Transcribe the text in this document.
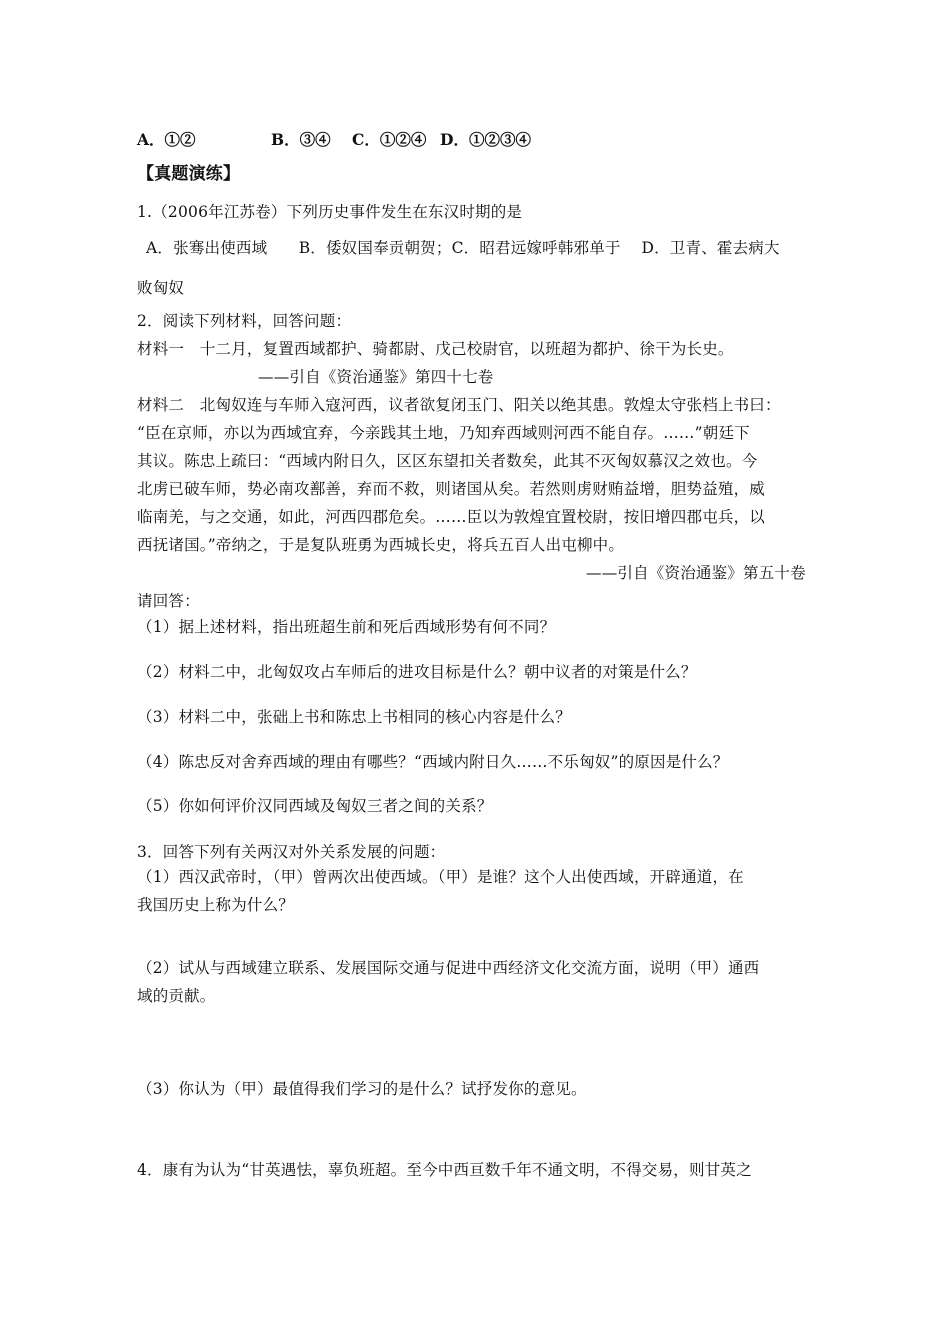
A．①②	B．③④ C．①②④ D．①②③④
【真题演练】
1.（2006年江苏卷）下列历史事件发生在东汉时期的是
A．张骞出使西域　　B．倭奴国奉贡朝贺；C．昭君远嫁呼韩邪单于　 D．卫青、霍去病大
败匈奴
2．阅读下列材料，回答问题：
材料一　十二月，复置西域都护、骑都尉、戊己校尉官，以班超为都护、徐干为长史。
——引自《资治通鉴》第四十七卷
材料二　北匈奴连与车师入寇河西，议者欲复闭玉门、阳关以绝其患。敦煌太守张档上书曰：
“臣在京师，亦以为西域宜弃，今亲践其土地，乃知弃西域则河西不能自存。……”朝廷下
其议。陈忠上疏曰：“西域内附日久，区区东望扣关者数矣，此其不灭匈奴慕汉之效也。今
北虏已破车师，势必南攻鄯善，弃而不救，则诸国从矣。若然则虏财贿益增，胆势益殖，威
临南羌，与之交通，如此，河西四郡危矣。……臣以为敦煌宜置校尉，按旧增四郡屯兵，以
西抚诸国。”帝纳之，于是复队班勇为西城长史，将兵五百人出屯柳中。
——引自《资治通鉴》第五十卷
请回答：
（1）据上述材料，指出班超生前和死后西域形势有何不同？
（2）材料二中，北匈奴攻占车师后的进攻目标是什么？朝中议者的对策是什么？
（3）材料二中，张础上书和陈忠上书相同的核心内容是什么？
（4）陈忠反对舍弃西域的理由有哪些？“西域内附日久……不乐匈奴”的原因是什么？
（5）你如何评价汉同西域及匈奴三者之间的关系？
3．回答下列有关两汉对外关系发展的问题：
（1）西汉武帝时，（甲）曾两次出使西域。（甲）是谁？这个人出使西域，开辟通道，在
我国历史上称为什么？
（2）试从与西域建立联系、发展国际交通与促进中西经济文化交流方面，说明（甲）通西
域的贡献。
（3）你认为（甲）最值得我们学习的是什么？试抒发你的意见。
4．康有为认为“甘英遇怯，辜负班超。至今中西亘数千年不通文明，不得交易，则甘英之
